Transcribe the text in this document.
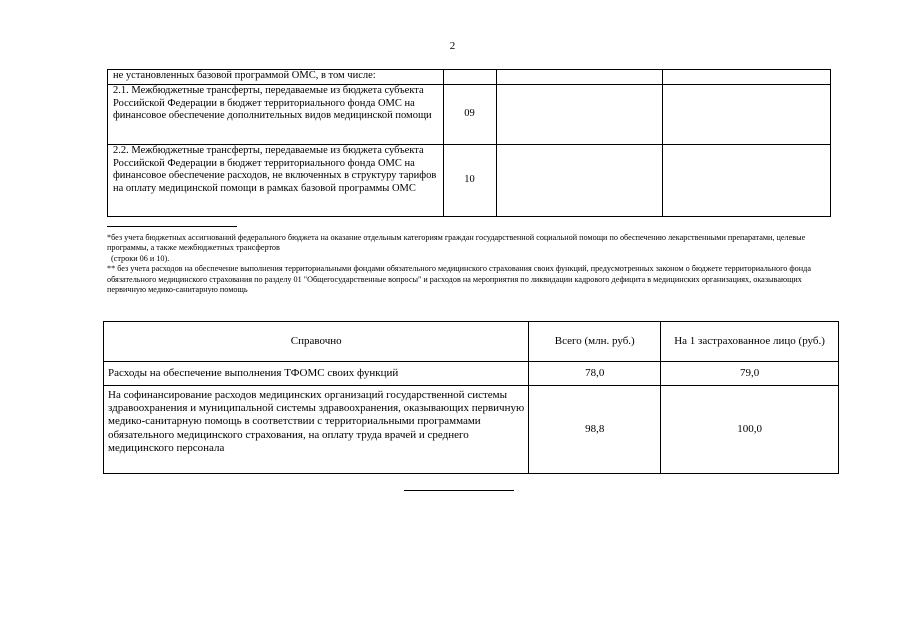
2
не установленных базовой программой ОМС, в том числе:			
2.1. Межбюджетные трансферты, передаваемые из бюджета субъекта Российской Федерации в бюджет территориального фонда ОМС на финансовое обеспечение дополнительных видов медицинской помощи	09		
2.2. Межбюджетные трансферты, передаваемые из бюджета субъекта Российской Федерации в бюджет территориального фонда ОМС на финансовое обеспечение расходов, не включенных в структуру тарифов на оплату медицинской помощи в рамках базовой программы ОМС	10		

*без учета бюджетных ассигнований федерального бюджета на оказание отдельным категориям граждан государственной социальной помощи по обеспечению лекарственными препаратами, целевые программы, а также межбюджетных трансфертов

(строки 06 и 10).

** без учета расходов на обеспечение выполнения территориальными фондами обязательного медицинского страхования своих функций, предусмотренных законом о бюджете территориального фонда обязательного медицинского страхования по разделу 01 "Общегосударственные вопросы" и расходов на мероприятия по ликвидации кадрового дефицита в медицинских организациях, оказывающих первичную медико-санитарную помощь

Справочно	Всего (млн. руб.)	На 1 застрахованное лицо (руб.)
Расходы на обеспечение выполнения ТФОМС своих функций	78,0	79,0
На софинансирование расходов медицинских организаций государственной системы здравоохранения и муниципальной системы здравоохранения, оказывающих первичную медико-санитарную помощь в соответствии с территориальными программами обязательного медицинского страхования, на оплату труда врачей и среднего медицинского персонала	98,8	100,0
